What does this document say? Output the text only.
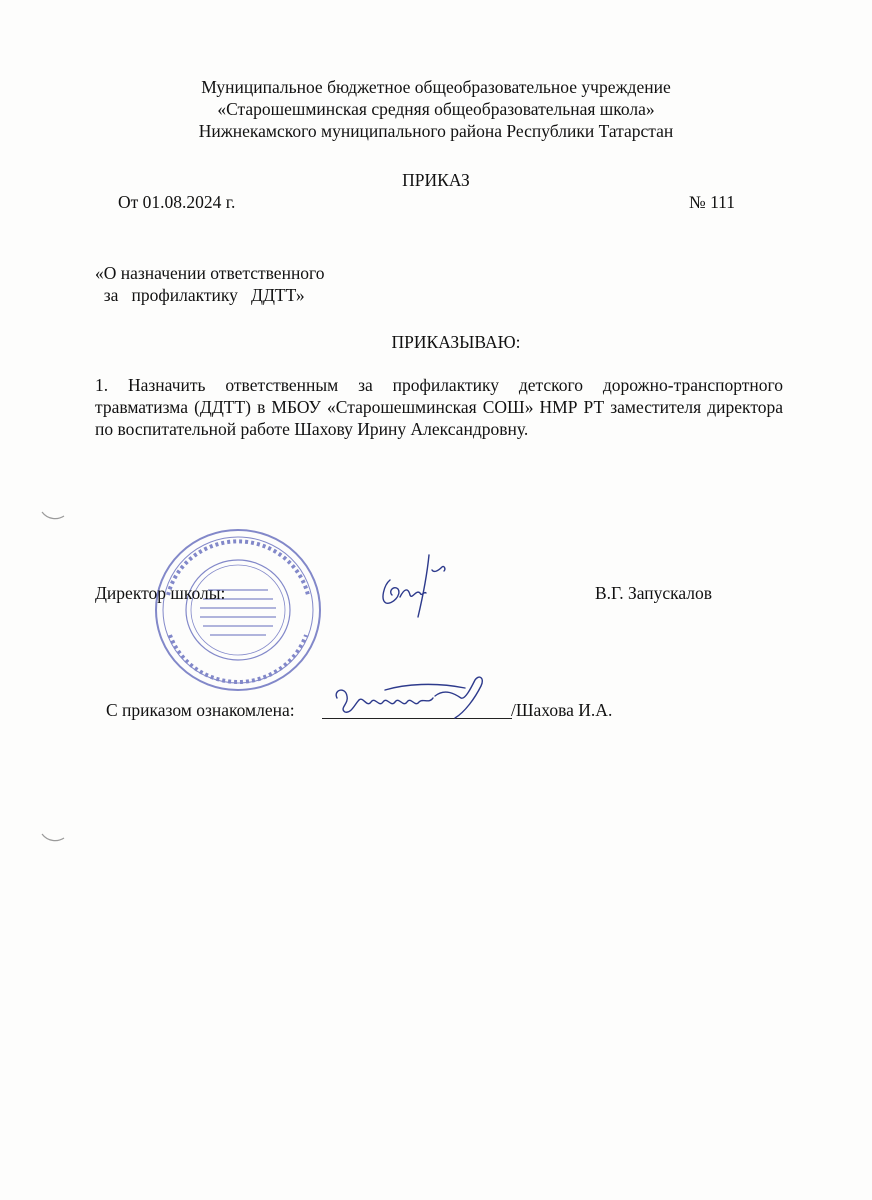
Муниципальное бюджетное общеобразовательное учреждение
«Старошешминская средняя общеобразовательная школа»
Нижнекамского муниципального района Республики Татарстан
ПРИКАЗ
От 01.08.2024 г.	№ 111
«О назначении ответственного
за   профилактику   ДДТТ»
ПРИКАЗЫВАЮ:
1. Назначить ответственным за профилактику детского дорожно-транспортного травматизма (ДДТТ) в МБОУ «Старошешминская СОШ» НМР РТ заместителя директора по воспитательной работе Шахову Ирину Александровну.
Директор школы:	В.Г. Запускалов
С приказом ознакомлена:	/Шахова И.А.
